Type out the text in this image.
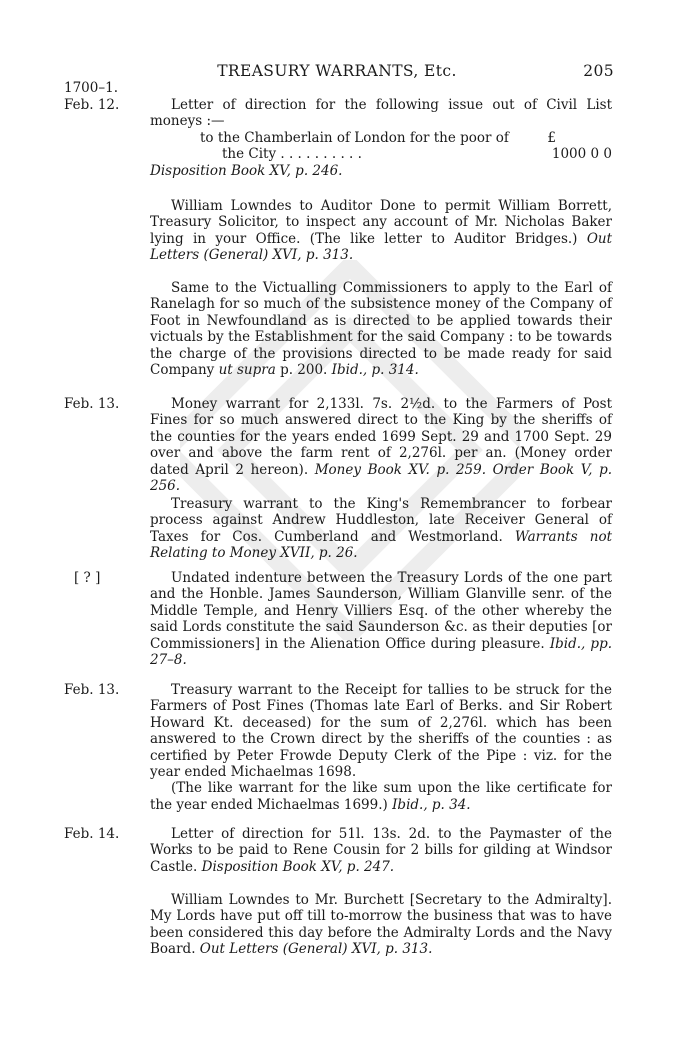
TREASURY WARRANTS, Etc.	205
1700–1.
Feb. 12.	Letter of direction for the following issue out of Civil List moneys :—

to the Chamberlain of London for the poor of	£
the City . . . . . . . . . .	1000 0 0

Disposition Book XV, p. 246.

William Lowndes to Auditor Done to permit William Borrett, Treasury Solicitor, to inspect any account of Mr. Nicholas Baker lying in your Office. (The like letter to Auditor Bridges.) Out Letters (General) XVI, p. 313.

Same to the Victualling Commissioners to apply to the Earl of Ranelagh for so much of the subsistence money of the Company of Foot in Newfoundland as is directed to be applied towards their victuals by the Establishment for the said Company : to be towards the charge of the provisions directed to be made ready for said Company ut supra p. 200. Ibid., p. 314.

Feb. 13.	Money warrant for 2,133l. 7s. 2½d. to the Farmers of Post Fines for so much answered direct to the King by the sheriffs of the counties for the years ended 1699 Sept. 29 and 1700 Sept. 29 over and above the farm rent of 2,276l. per an. (Money order dated April 2 hereon). Money Book XV. p. 259. Order Book V, p. 256.

Treasury warrant to the King's Remembrancer to forbear process against Andrew Huddleston, late Receiver General of Taxes for Cos. Cumberland and Westmorland. Warrants not Relating to Money XVII, p. 26.

[ ? ]	Undated indenture between the Treasury Lords of the one part and the Honble. James Saunderson, William Glanville senr. of the Middle Temple, and Henry Villiers Esq. of the other whereby the said Lords constitute the said Saunderson &c. as their deputies [or Commissioners] in the Alienation Office during pleasure. Ibid., pp. 27–8.

Feb. 13.	Treasury warrant to the Receipt for tallies to be struck for the Farmers of Post Fines (Thomas late Earl of Berks. and Sir Robert Howard Kt. deceased) for the sum of 2,276l. which has been answered to the Crown direct by the sheriffs of the counties : as certified by Peter Frowde Deputy Clerk of the Pipe : viz. for the year ended Michaelmas 1698.

(The like warrant for the like sum upon the like certificate for the year ended Michaelmas 1699.) Ibid., p. 34.

Feb. 14.	Letter of direction for 51l. 13s. 2d. to the Paymaster of the Works to be paid to Rene Cousin for 2 bills for gilding at Windsor Castle. Disposition Book XV, p. 247.

William Lowndes to Mr. Burchett [Secretary to the Admiralty]. My Lords have put off till to-morrow the business that was to have been considered this day before the Admiralty Lords and the Navy Board. Out Letters (General) XVI, p. 313.
